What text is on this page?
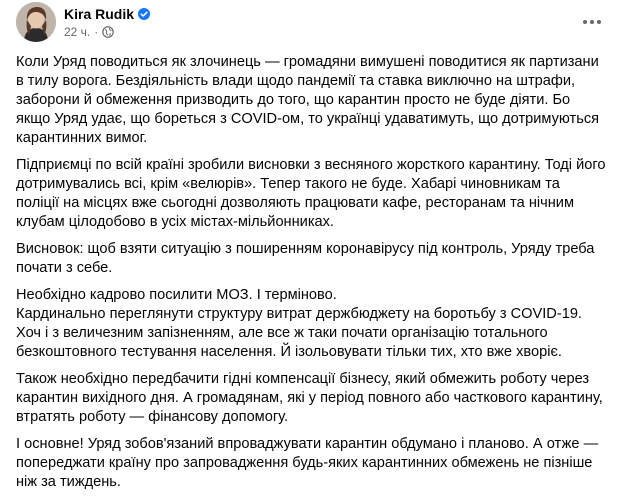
Kira Rudik
22 ч. ·

Коли Уряд поводиться як злочинець — громадяни вимушені поводитися як партизани в тилу ворога. Бездіяльність влади щодо пандемії та ставка виключно на штрафи, заборони й обмеження призводить до того, що карантин просто не буде діяти. Бо якщо Уряд удає, що бореться з COVID-ом, то українці удаватимуть, що дотримуються карантинних вимог.

Підприємці по всій країні зробили висновки з весняного жорсткого карантину. Тоді його дотримувались всі, крім «велюрів». Тепер такого не буде. Хабарі чиновникам та поліції на місцях вже сьогодні дозволяють працювати кафе, ресторанам та нічним клубам цілодобово в усіх містах-мільйонниках.

Висновок: щоб взяти ситуацію з поширенням коронавірусу під контроль, Уряду треба почати з себе.

Необхідно кадрово посилити МОЗ. І терміново.
Кардинально переглянути структуру витрат держбюджету на боротьбу з COVID-19.
Хоч і з величезним запізненням, але все ж таки почати організацію тотального безкоштовного тестування населення. Й ізольовувати тільки тих, хто вже хворіє.

Також необхідно передбачити гідні компенсації бізнесу, який обмежить роботу через карантин вихідного дня. А громадянам, які у період повного або часткового карантину, втратять роботу — фінансову допомогу.

І основне! Уряд зобов'язаний впроваджувати карантин обдумано і планово. А отже — попереджати країну про запровадження будь-яких карантинних обмежень не пізніше ніж за тиждень.
